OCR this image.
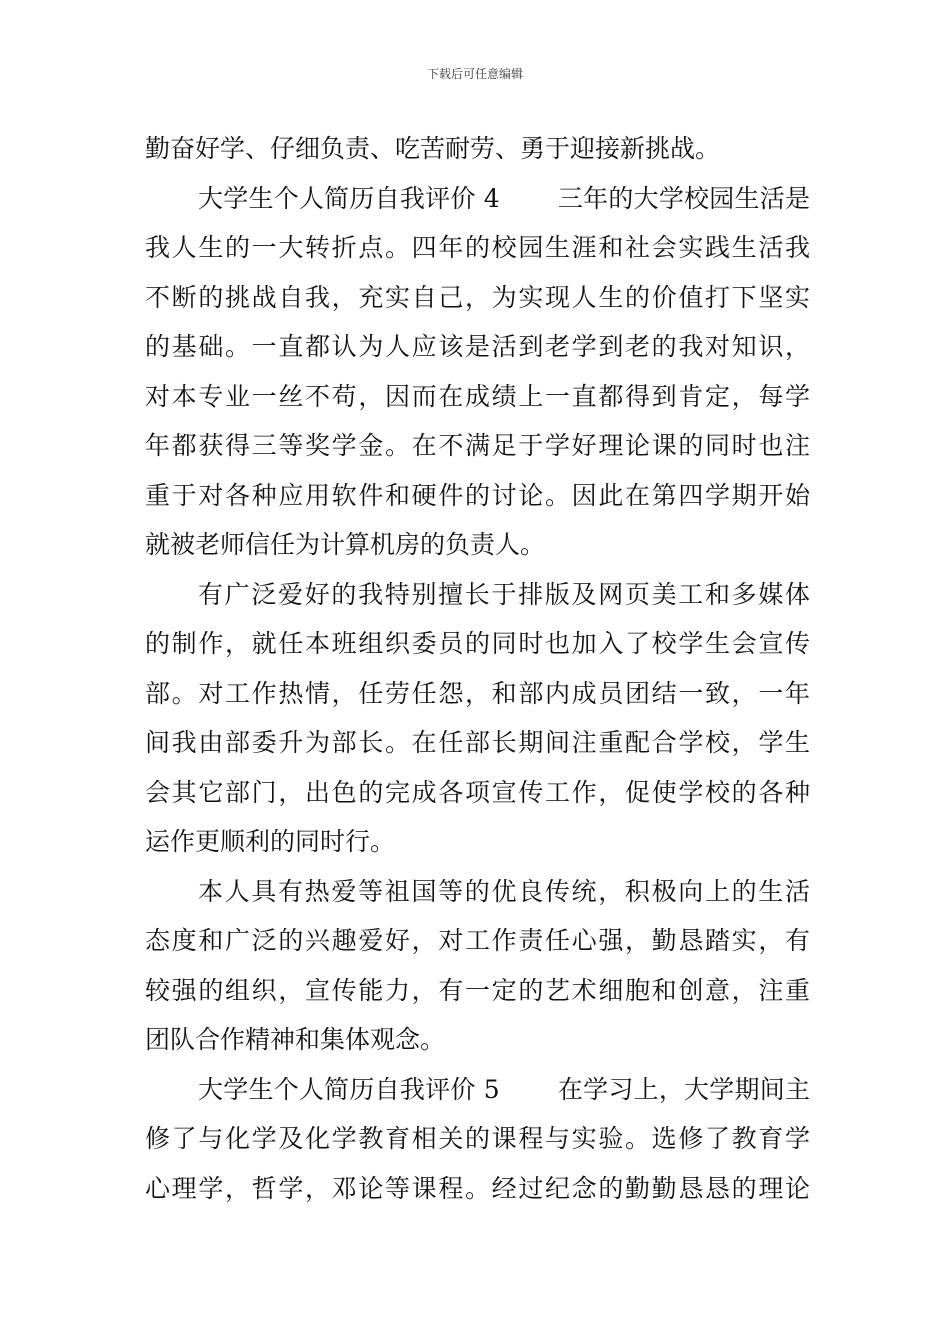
下载后可任意编辑
勤奋好学、仔细负责、吃苦耐劳、勇于迎接新挑战。
大学生个人简历自我评价 4 三年的大学校园生活是
我人生的一大转折点。四年的校园生涯和社会实践生活我
不断的挑战自我，充实自己，为实现人生的价值打下坚实
的基础。一直都认为人应该是活到老学到老的我对知识，
对本专业一丝不苟，因而在成绩上一直都得到肯定，每学
年都获得三等奖学金。在不满足于学好理论课的同时也注
重于对各种应用软件和硬件的讨论。因此在第四学期开始
就被老师信任为计算机房的负责人。
有广泛爱好的我特别擅长于排版及网页美工和多媒体
的制作，就任本班组织委员的同时也加入了校学生会宣传
部。对工作热情，任劳任怨，和部内成员团结一致，一年
间我由部委升为部长。在任部长期间注重配合学校，学生
会其它部门，出色的完成各项宣传工作，促使学校的各种
运作更顺利的同时行。
本人具有热爱等祖国等的优良传统，积极向上的生活
态度和广泛的兴趣爱好，对工作责任心强，勤恳踏实，有
较强的组织，宣传能力，有一定的艺术细胞和创意，注重
团队合作精神和集体观念。
大学生个人简历自我评价 5 在学习上，大学期间主
修了与化学及化学教育相关的课程与实验。选修了教育学
心理学，哲学，邓论等课程。经过纪念的勤勤恳恳的理论
